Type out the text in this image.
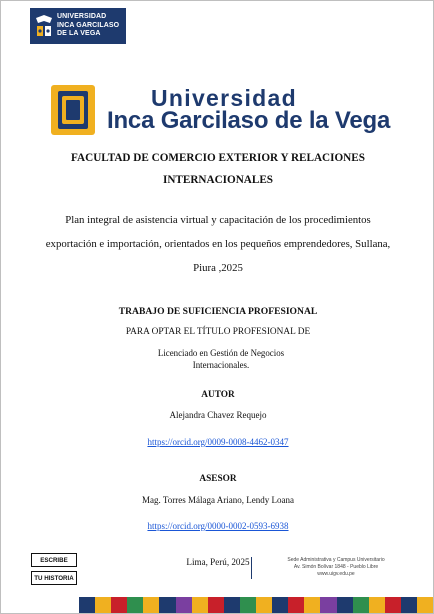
UNIVERSIDAD
INCA GARCILASO
DE LA VEGA
Universidad
Inca Garcilaso de la Vega
FACULTAD DE COMERCIO EXTERIOR Y RELACIONES
INTERNACIONALES
Plan integral de asistencia virtual y capacitación de los procedimientos
exportación e importación, orientados en los pequeños emprendedores, Sullana,
Piura ,2025
TRABAJO DE SUFICIENCIA PROFESIONAL
PARA OPTAR EL TÍTULO PROFESIONAL DE
Licenciado en Gestión de Negocios
Internacionales.
AUTOR
Alejandra Chavez Requejo
https://orcid.org/0009-0008-4462-0347
ASESOR
Mag. Torres Málaga Ariano, Lendy Loana
https://orcid.org/0000-0002-0593-6938
Lima, Perú, 2025
ESCRIBE
TU HISTORIA
Sede Administrativa y Campus Universitario
Av. Simón Bolívar 1848 - Pueblo Libre
www.uigv.edu.pe
